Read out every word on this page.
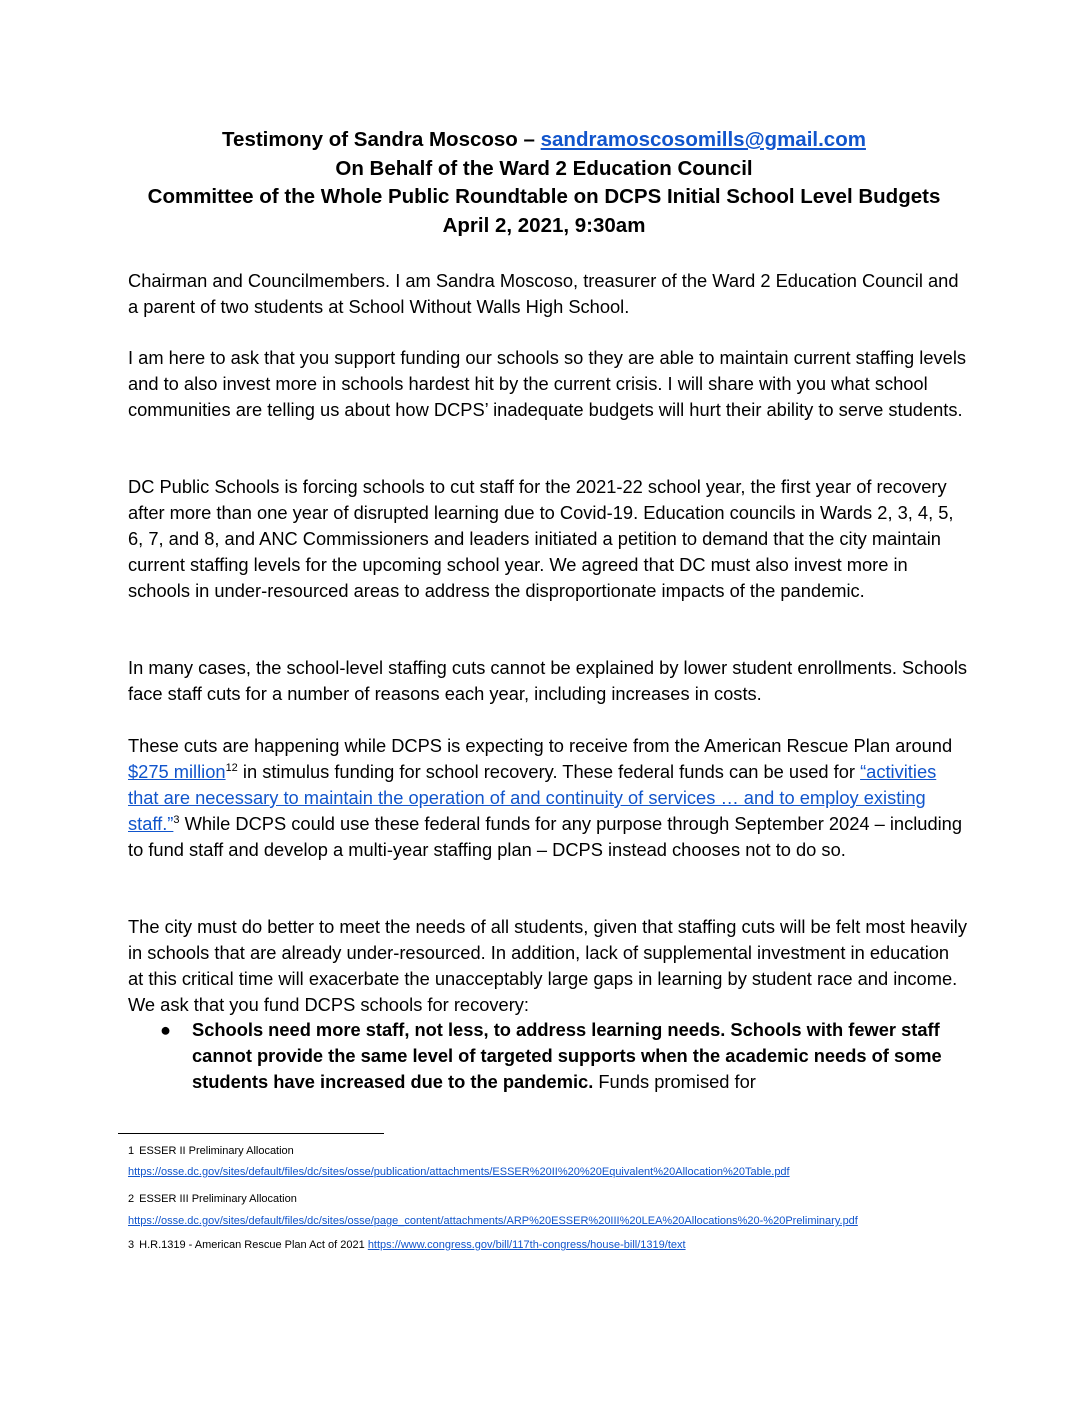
Testimony of Sandra Moscoso – sandramoscosomills@gmail.com
On Behalf of the Ward 2 Education Council
Committee of the Whole Public Roundtable on DCPS Initial School Level Budgets
April 2, 2021, 9:30am

Chairman and Councilmembers. I am Sandra Moscoso, treasurer of the Ward 2 Education Council and a parent of two students at School Without Walls High School.

I am here to ask that you support funding our schools so they are able to maintain current staffing levels and to also invest more in schools hardest hit by the current crisis. I will share with you what school communities are telling us about how DCPS’ inadequate budgets will hurt their ability to serve students.

DC Public Schools is forcing schools to cut staff for the 2021-22 school year, the first year of recovery after more than one year of disrupted learning due to Covid-19. Education councils in Wards 2, 3, 4, 5, 6, 7, and 8, and ANC Commissioners and leaders initiated a petition to demand that the city maintain current staffing levels for the upcoming school year. We agreed that DC must also invest more in schools in under-resourced areas to address the disproportionate impacts of the pandemic.

In many cases, the school-level staffing cuts cannot be explained by lower student enrollments. Schools face staff cuts for a number of reasons each year, including increases in costs.

These cuts are happening while DCPS is expecting to receive from the American Rescue Plan around $275 million$^{12}$ in stimulus funding for school recovery. These federal funds can be used for “activities that are necessary to maintain the operation of and continuity of services … and to employ existing staff.”$^3$ While DCPS could use these federal funds for any purpose through September 2024 – including to fund staff and develop a multi-year staffing plan – DCPS instead chooses not to do so.

The city must do better to meet the needs of all students, given that staffing cuts will be felt most heavily in schools that are already under-resourced. In addition, lack of supplemental investment in education at this critical time will exacerbate the unacceptably large gaps in learning by student race and income. We ask that you fund DCPS schools for recovery:

● Schools need more staff, not less, to address learning needs. Schools with fewer staff cannot provide the same level of targeted supports when the academic needs of some students have increased due to the pandemic. Funds promised for
1 ESSER II Preliminary Allocation
https://osse.dc.gov/sites/default/files/dc/sites/osse/publication/attachments/ESSER%20II%20%20Equivalent%20Allocation%20Table.pdf
2 ESSER III Preliminary Allocation
https://osse.dc.gov/sites/default/files/dc/sites/osse/page_content/attachments/ARP%20ESSER%20III%20LEA%20Allocations%20-%20Preliminary.pdf
3 H.R.1319 - American Rescue Plan Act of 2021 https://www.congress.gov/bill/117th-congress/house-bill/1319/text
